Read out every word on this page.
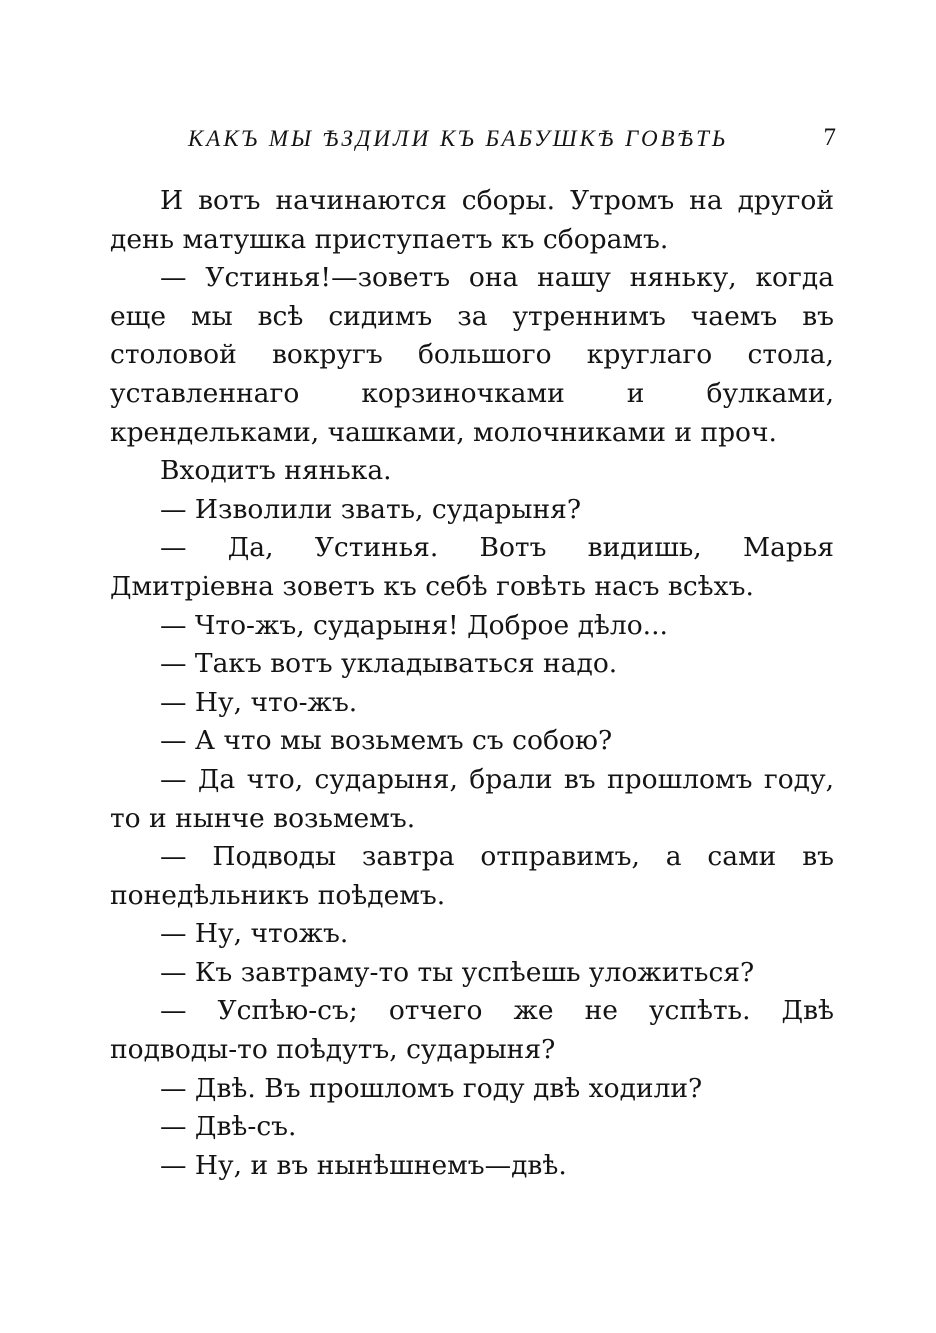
КАКЪ МЫ ѢЗДИЛИ КЪ БАБУШКѢ ГОВѢТЬ	7

И вотъ начинаются сборы. Утромъ на другой день матушка приступаетъ къ сборамъ.

— Устинья!—зоветъ она нашу няньку, когда еще мы всѣ сидимъ за утреннимъ чаемъ въ столовой вокругъ большого круглаго стола, уставленнаго корзиночками и булками, крендельками, чашками, молочниками и проч.

Входитъ нянька.

— Изволили звать, сударыня?

— Да, Устинья. Вотъ видишь, Марья Дмитріевна зоветъ къ себѣ говѣть насъ всѣхъ.

— Что-жъ, сударыня! Доброе дѣло...

— Такъ вотъ укладываться надо.

— Ну, что-жъ.

— А что мы возьмемъ съ собою?

— Да что, сударыня, брали въ прошломъ году, то и нынче возьмемъ.

— Подводы завтра отправимъ, а сами въ понедѣльникъ поѣдемъ.

— Ну, чтожъ.

— Къ завтраму-то ты успѣешь уложиться?

— Успѣю-съ; отчего же не успѣть. Двѣ подводы-то поѣдутъ, сударыня?

— Двѣ. Въ прошломъ году двѣ ходили?

— Двѣ-съ.

— Ну, и въ нынѣшнемъ—двѣ.
